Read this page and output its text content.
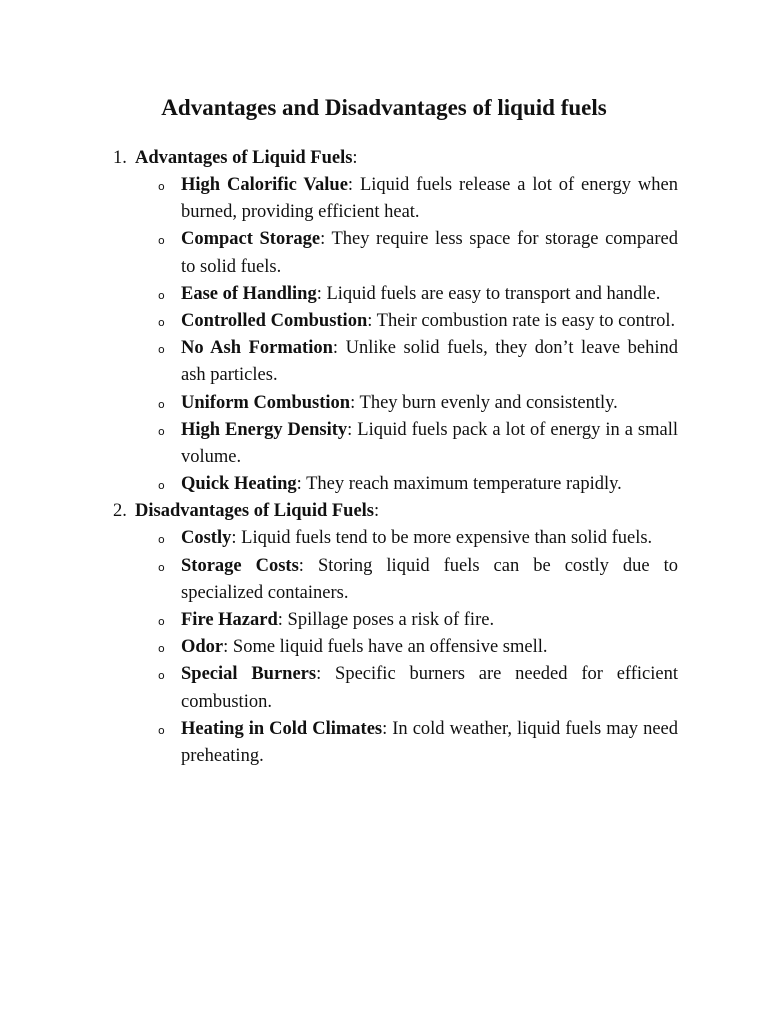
Advantages and Disadvantages of liquid fuels
1. Advantages of Liquid Fuels:
o High Calorific Value: Liquid fuels release a lot of energy when burned, providing efficient heat.
o Compact Storage: They require less space for storage compared to solid fuels.
o Ease of Handling: Liquid fuels are easy to transport and handle.
o Controlled Combustion: Their combustion rate is easy to control.
o No Ash Formation: Unlike solid fuels, they don’t leave behind ash particles.
o Uniform Combustion: They burn evenly and consistently.
o High Energy Density: Liquid fuels pack a lot of energy in a small volume.
o Quick Heating: They reach maximum temperature rapidly.
2. Disadvantages of Liquid Fuels:
o Costly: Liquid fuels tend to be more expensive than solid fuels.
o Storage Costs: Storing liquid fuels can be costly due to specialized containers.
o Fire Hazard: Spillage poses a risk of fire.
o Odor: Some liquid fuels have an offensive smell.
o Special Burners: Specific burners are needed for efficient combustion.
o Heating in Cold Climates: In cold weather, liquid fuels may need preheating.
